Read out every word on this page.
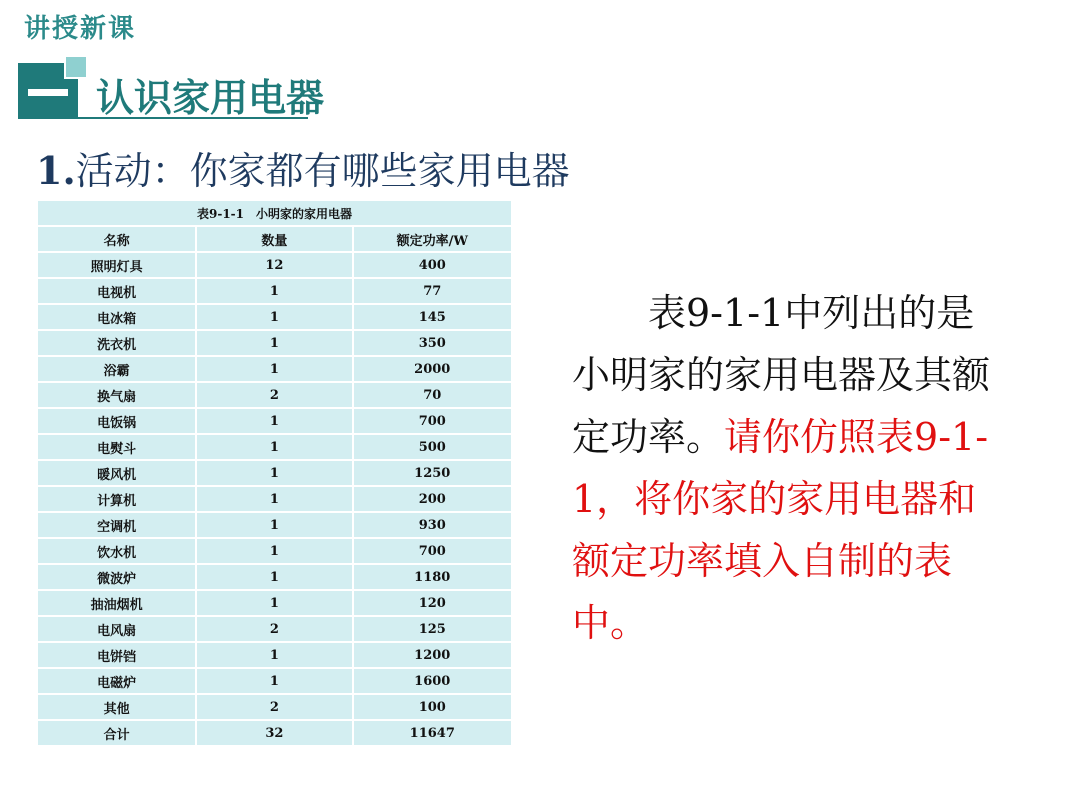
讲授新课
认识家用电器
1.活动：你家都有哪些家用电器
表9-1-1　小明家的家用电器		
名称	数量	额定功率/W
照明灯具	12	400
电视机	1	77
电冰箱	1	145
洗衣机	1	350
浴霸	1	2000
换气扇	2	70
电饭锅	1	700
电熨斗	1	500
暖风机	1	1250
计算机	1	200
空调机	1	930
饮水机	1	700
微波炉	1	1180
抽油烟机	1	120
电风扇	2	125
电饼铛	1	1200
电磁炉	1	1600
其他	2	100
合计	32	11647

表9-1-1中列出的是小明家的家用电器及其额定功率。请你仿照表9-1-1，将你家的家用电器和额定功率填入自制的表中。
